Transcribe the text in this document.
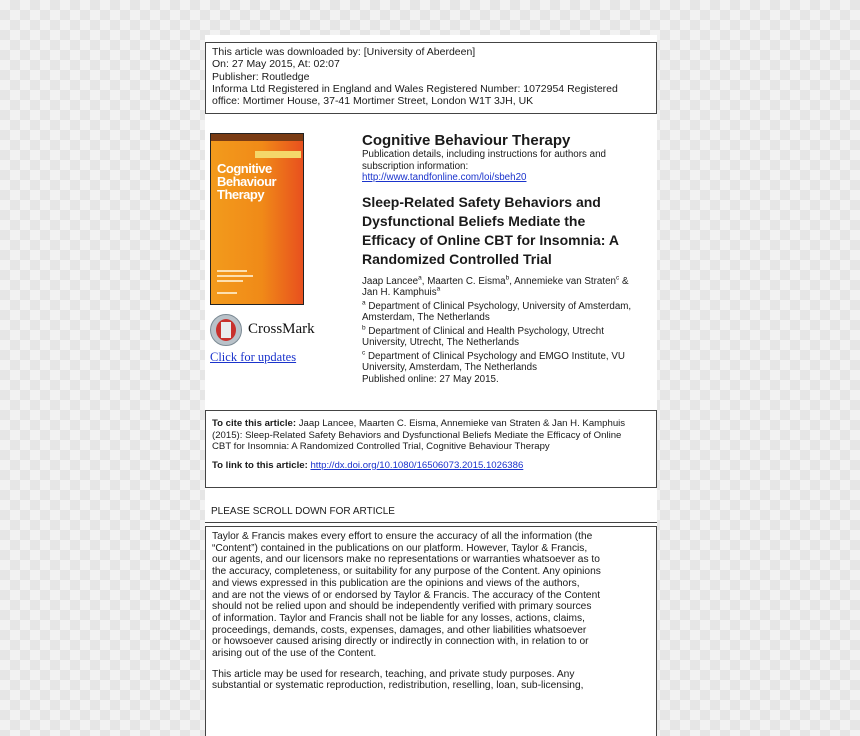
This article was downloaded by: [University of Aberdeen]
On: 27 May 2015, At: 02:07
Publisher: Routledge
Informa Ltd Registered in England and Wales Registered Number: 1072954 Registered
office: Mortimer House, 37-41 Mortimer Street, London W1T 3JH, UK
Cognitive
Behaviour
Therapy
CrossMark
Click for updates
Cognitive Behaviour Therapy
Publication details, including instructions for authors and
subscription information:
http://www.tandfonline.com/loi/sbeh20
Sleep-Related Safety Behaviors and
Dysfunctional Beliefs Mediate the
Efficacy of Online CBT for Insomnia: A
Randomized Controlled Trial
Jaap Lancee$^a$, Maarten C. Eisma$^b$, Annemieke van Straten$^c$ &
Jan H. Kamphuis$^a$
$^a$ Department of Clinical Psychology, University of Amsterdam,
Amsterdam, The Netherlands
$^b$ Department of Clinical and Health Psychology, Utrecht
University, Utrecht, The Netherlands
$^c$ Department of Clinical Psychology and EMGO Institute, VU
University, Amsterdam, The Netherlands
Published online: 27 May 2015.
To cite this article: Jaap Lancee, Maarten C. Eisma, Annemieke van Straten & Jan H. Kamphuis
(2015): Sleep-Related Safety Behaviors and Dysfunctional Beliefs Mediate the Efficacy of Online
CBT for Insomnia: A Randomized Controlled Trial, Cognitive Behaviour Therapy
To link to this article: http://dx.doi.org/10.1080/16506073.2015.1026386
PLEASE SCROLL DOWN FOR ARTICLE

Taylor & Francis makes every effort to ensure the accuracy of all the information (the
“Content”) contained in the publications on our platform. However, Taylor & Francis,
our agents, and our licensors make no representations or warranties whatsoever as to
the accuracy, completeness, or suitability for any purpose of the Content. Any opinions
and views expressed in this publication are the opinions and views of the authors,
and are not the views of or endorsed by Taylor & Francis. The accuracy of the Content
should not be relied upon and should be independently verified with primary sources
of information. Taylor and Francis shall not be liable for any losses, actions, claims,
proceedings, demands, costs, expenses, damages, and other liabilities whatsoever
or howsoever caused arising directly or indirectly in connection with, in relation to or
arising out of the use of the Content.

This article may be used for research, teaching, and private study purposes. Any
substantial or systematic reproduction, redistribution, reselling, loan, sub-licensing,
